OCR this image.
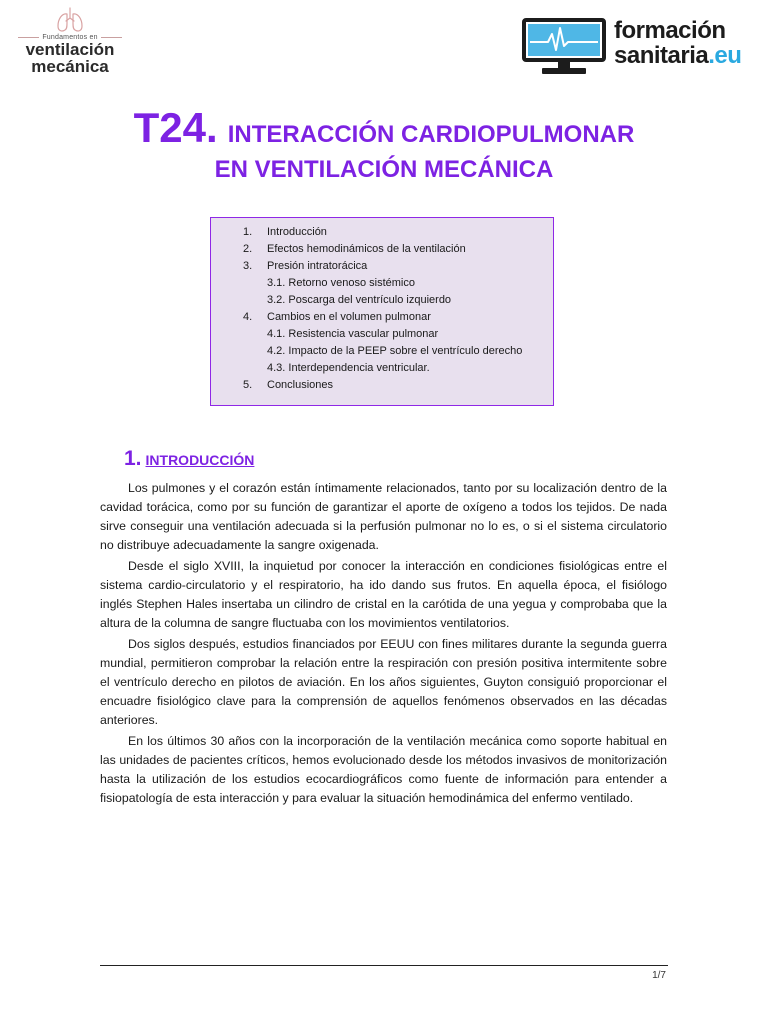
Fundamentos en
ventilación
mecánica
formación
sanitaria.eu
T24. INTERACCIÓN CARDIOPULMONAR
EN VENTILACIÓN MECÁNICA
1. Introducción
2. Efectos hemodinámicos de la ventilación
3. Presión intratorácica
3.1. Retorno venoso sistémico
3.2. Poscarga del ventrículo izquierdo
4. Cambios en el volumen pulmonar
4.1. Resistencia vascular pulmonar
4.2. Impacto de la PEEP sobre el ventrículo derecho
4.3. Interdependencia ventricular.
5. Conclusiones
1. INTRODUCCIÓN

Los pulmones y el corazón están íntimamente relacionados, tanto por su localización dentro de la cavidad torácica, como por su función de garantizar el aporte de oxígeno a todos los tejidos. De nada sirve conseguir una ventilación adecuada si la perfusión pulmonar no lo es, o si el sistema circulatorio no distribuye adecuadamente la sangre oxigenada.

Desde el siglo XVIII, la inquietud por conocer la interacción en condiciones fisiológicas entre el sistema cardio-circulatorio y el respiratorio, ha ido dando sus frutos. En aquella época, el fisiólogo inglés Stephen Hales insertaba un cilindro de cristal en la carótida de una yegua y comprobaba que la altura de la columna de sangre fluctuaba con los movimientos ventilatorios.

Dos siglos después, estudios financiados por EEUU con fines militares durante la segunda guerra mundial, permitieron comprobar la relación entre la respiración con presión positiva intermitente sobre el ventrículo derecho en pilotos de aviación. En los años siguientes, Guyton consiguió proporcionar el encuadre fisiológico clave para la comprensión de aquellos fenómenos observados en las décadas anteriores.

En los últimos 30 años con la incorporación de la ventilación mecánica como soporte habitual en las unidades de pacientes críticos, hemos evolucionado desde los métodos invasivos de monitorización hasta la utilización de los estudios ecocardiográficos como fuente de información para entender a fisiopatología de esta interacción y para evaluar la situación hemodinámica del enfermo ventilado.

1/7
